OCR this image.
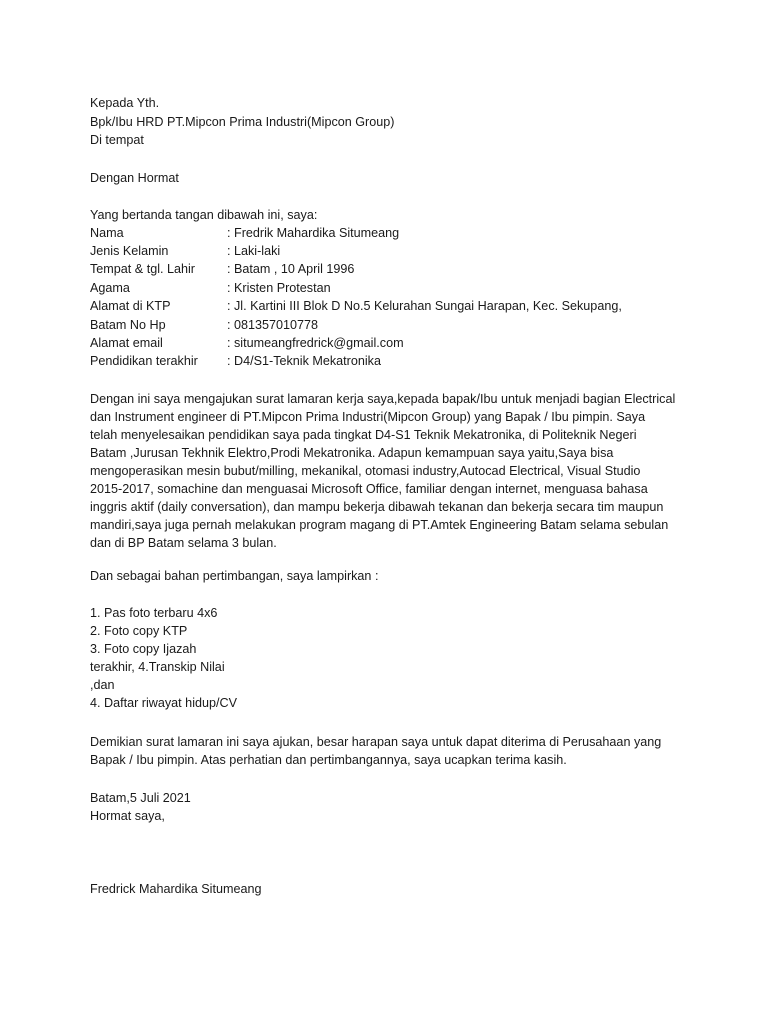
Kepada Yth.
Bpk/Ibu HRD PT.Mipcon Prima Industri(Mipcon Group)
Di tempat
Dengan Hormat
Yang bertanda tangan dibawah ini, saya:
Nama	: Fredrik Mahardika Situmeang
Jenis Kelamin	: Laki-laki
Tempat & tgl. Lahir	: Batam , 10 April 1996
Agama	: Kristen Protestan
Alamat di KTP	: Jl. Kartini III Blok D No.5 Kelurahan Sungai Harapan, Kec. Sekupang,
Batam No Hp	: 081357010778
Alamat email	: situmeangfredrick@gmail.com
Pendidikan terakhir : D4/S1-Teknik Mekatronika
Dengan ini saya mengajukan surat lamaran kerja saya,kepada bapak/Ibu untuk menjadi bagian Electrical
dan Instrument engineer di PT.Mipcon Prima Industri(Mipcon Group) yang Bapak / Ibu pimpin. Saya
telah menyelesaikan pendidikan saya pada tingkat D4-S1 Teknik Mekatronika, di Politeknik Negeri
Batam ,Jurusan Tekhnik Elektro,Prodi Mekatronika. Adapun kemampuan saya yaitu,Saya bisa
mengoperasikan mesin bubut/milling, mekanikal, otomasi industry,Autocad Electrical, Visual Studio
2015-2017, somachine dan menguasai Microsoft Office, familiar dengan internet, menguasa bahasa
inggris aktif (daily conversation), dan mampu bekerja dibawah tekanan dan bekerja secara tim maupun
mandiri,saya juga pernah melakukan program magang di PT.Amtek Engineering Batam selama sebulan
dan di BP Batam selama 3 bulan.
Dan sebagai bahan pertimbangan, saya lampirkan :
1. Pas foto terbaru 4x6
2. Foto copy KTP
3. Foto copy Ijazah
terakhir, 4.Transkip Nilai
,dan
4. Daftar riwayat hidup/CV
Demikian surat lamaran ini saya ajukan, besar harapan saya untuk dapat diterima di Perusahaan yang
Bapak / Ibu pimpin. Atas perhatian dan pertimbangannya, saya ucapkan terima kasih.
Batam,5 Juli 2021
Hormat saya,
Fredrick Mahardika Situmeang
